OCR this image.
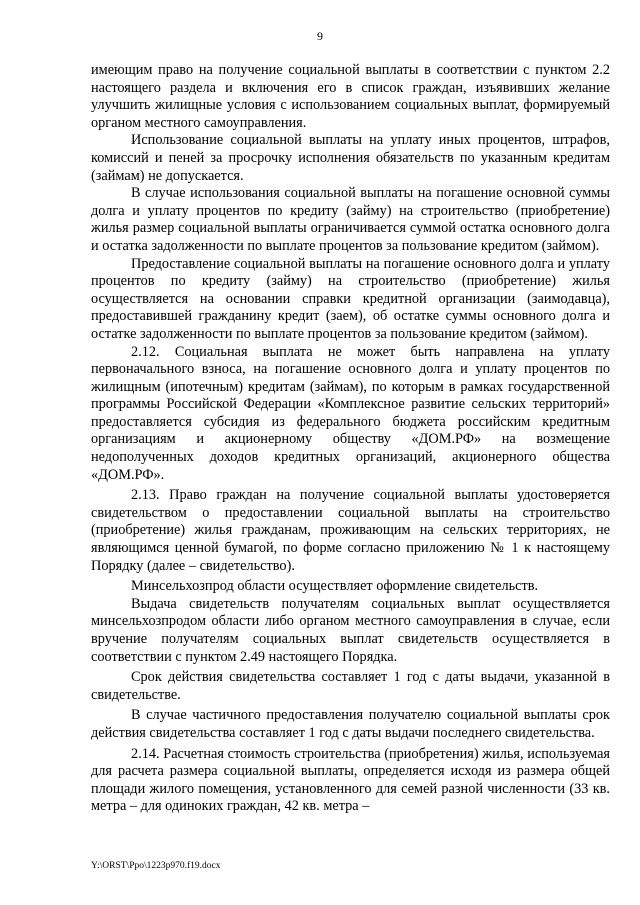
9

имеющим право на получение социальной выплаты в соответствии с пунктом 2.2 настоящего раздела и включения его в список граждан, изъявивших желание улучшить жилищные условия с использованием социальных выплат, формируемый органом местного самоуправления.

Использование социальной выплаты на уплату иных процентов, штрафов, комиссий и пеней за просрочку исполнения обязательств по указанным кредитам (займам) не допускается.

В случае использования социальной выплаты на погашение основной суммы долга и уплату процентов по кредиту (займу) на строительство (приобретение) жилья размер социальной выплаты ограничивается суммой остатка основного долга и остатка задолженности по выплате процентов за пользование кредитом (займом).

Предоставление социальной выплаты на погашение основного долга и уплату процентов по кредиту (займу) на строительство (приобретение) жилья осуществляется на основании справки кредитной организации (заимодавца), предоставившей гражданину кредит (заем), об остатке суммы основного долга и остатке задолженности по выплате процентов за пользование кредитом (займом).

2.12. Социальная выплата не может быть направлена на уплату первоначального взноса, на погашение основного долга и уплату процентов по жилищным (ипотечным) кредитам (займам), по которым в рамках государственной программы Российской Федерации «Комплексное развитие сельских территорий» предоставляется субсидия из федерального бюджета российским кредитным организациям и акционерному обществу «ДОМ.РФ» на возмещение недополученных доходов кредитных организаций, акционерного общества «ДОМ.РФ».

2.13. Право граждан на получение социальной выплаты удостоверяется свидетельством о предоставлении социальной выплаты на строительство (приобретение) жилья гражданам, проживающим на сельских территориях, не являющимся ценной бумагой, по форме согласно приложению № 1 к настоящему Порядку (далее – свидетельство).

Минсельхозпрод области осуществляет оформление свидетельств.

Выдача свидетельств получателям социальных выплат осуществляется минсельхозпродом области либо органом местного самоуправления в случае, если вручение получателям социальных выплат свидетельств осуществляется в соответствии с пунктом 2.49 настоящего Порядка.

Срок действия свидетельства составляет 1 год с даты выдачи, указанной в свидетельстве.

В случае частичного предоставления получателю социальной выплаты срок действия свидетельства составляет 1 год с даты выдачи последнего свидетельства.

2.14. Расчетная стоимость строительства (приобретения) жилья, используемая для расчета размера социальной выплаты, определяется исходя из размера общей площади жилого помещения, установленного для семей разной численности (33 кв. метра – для одиноких граждан, 42 кв. метра –

Y:\ORST\Ppo\1223p970.f19.docx
